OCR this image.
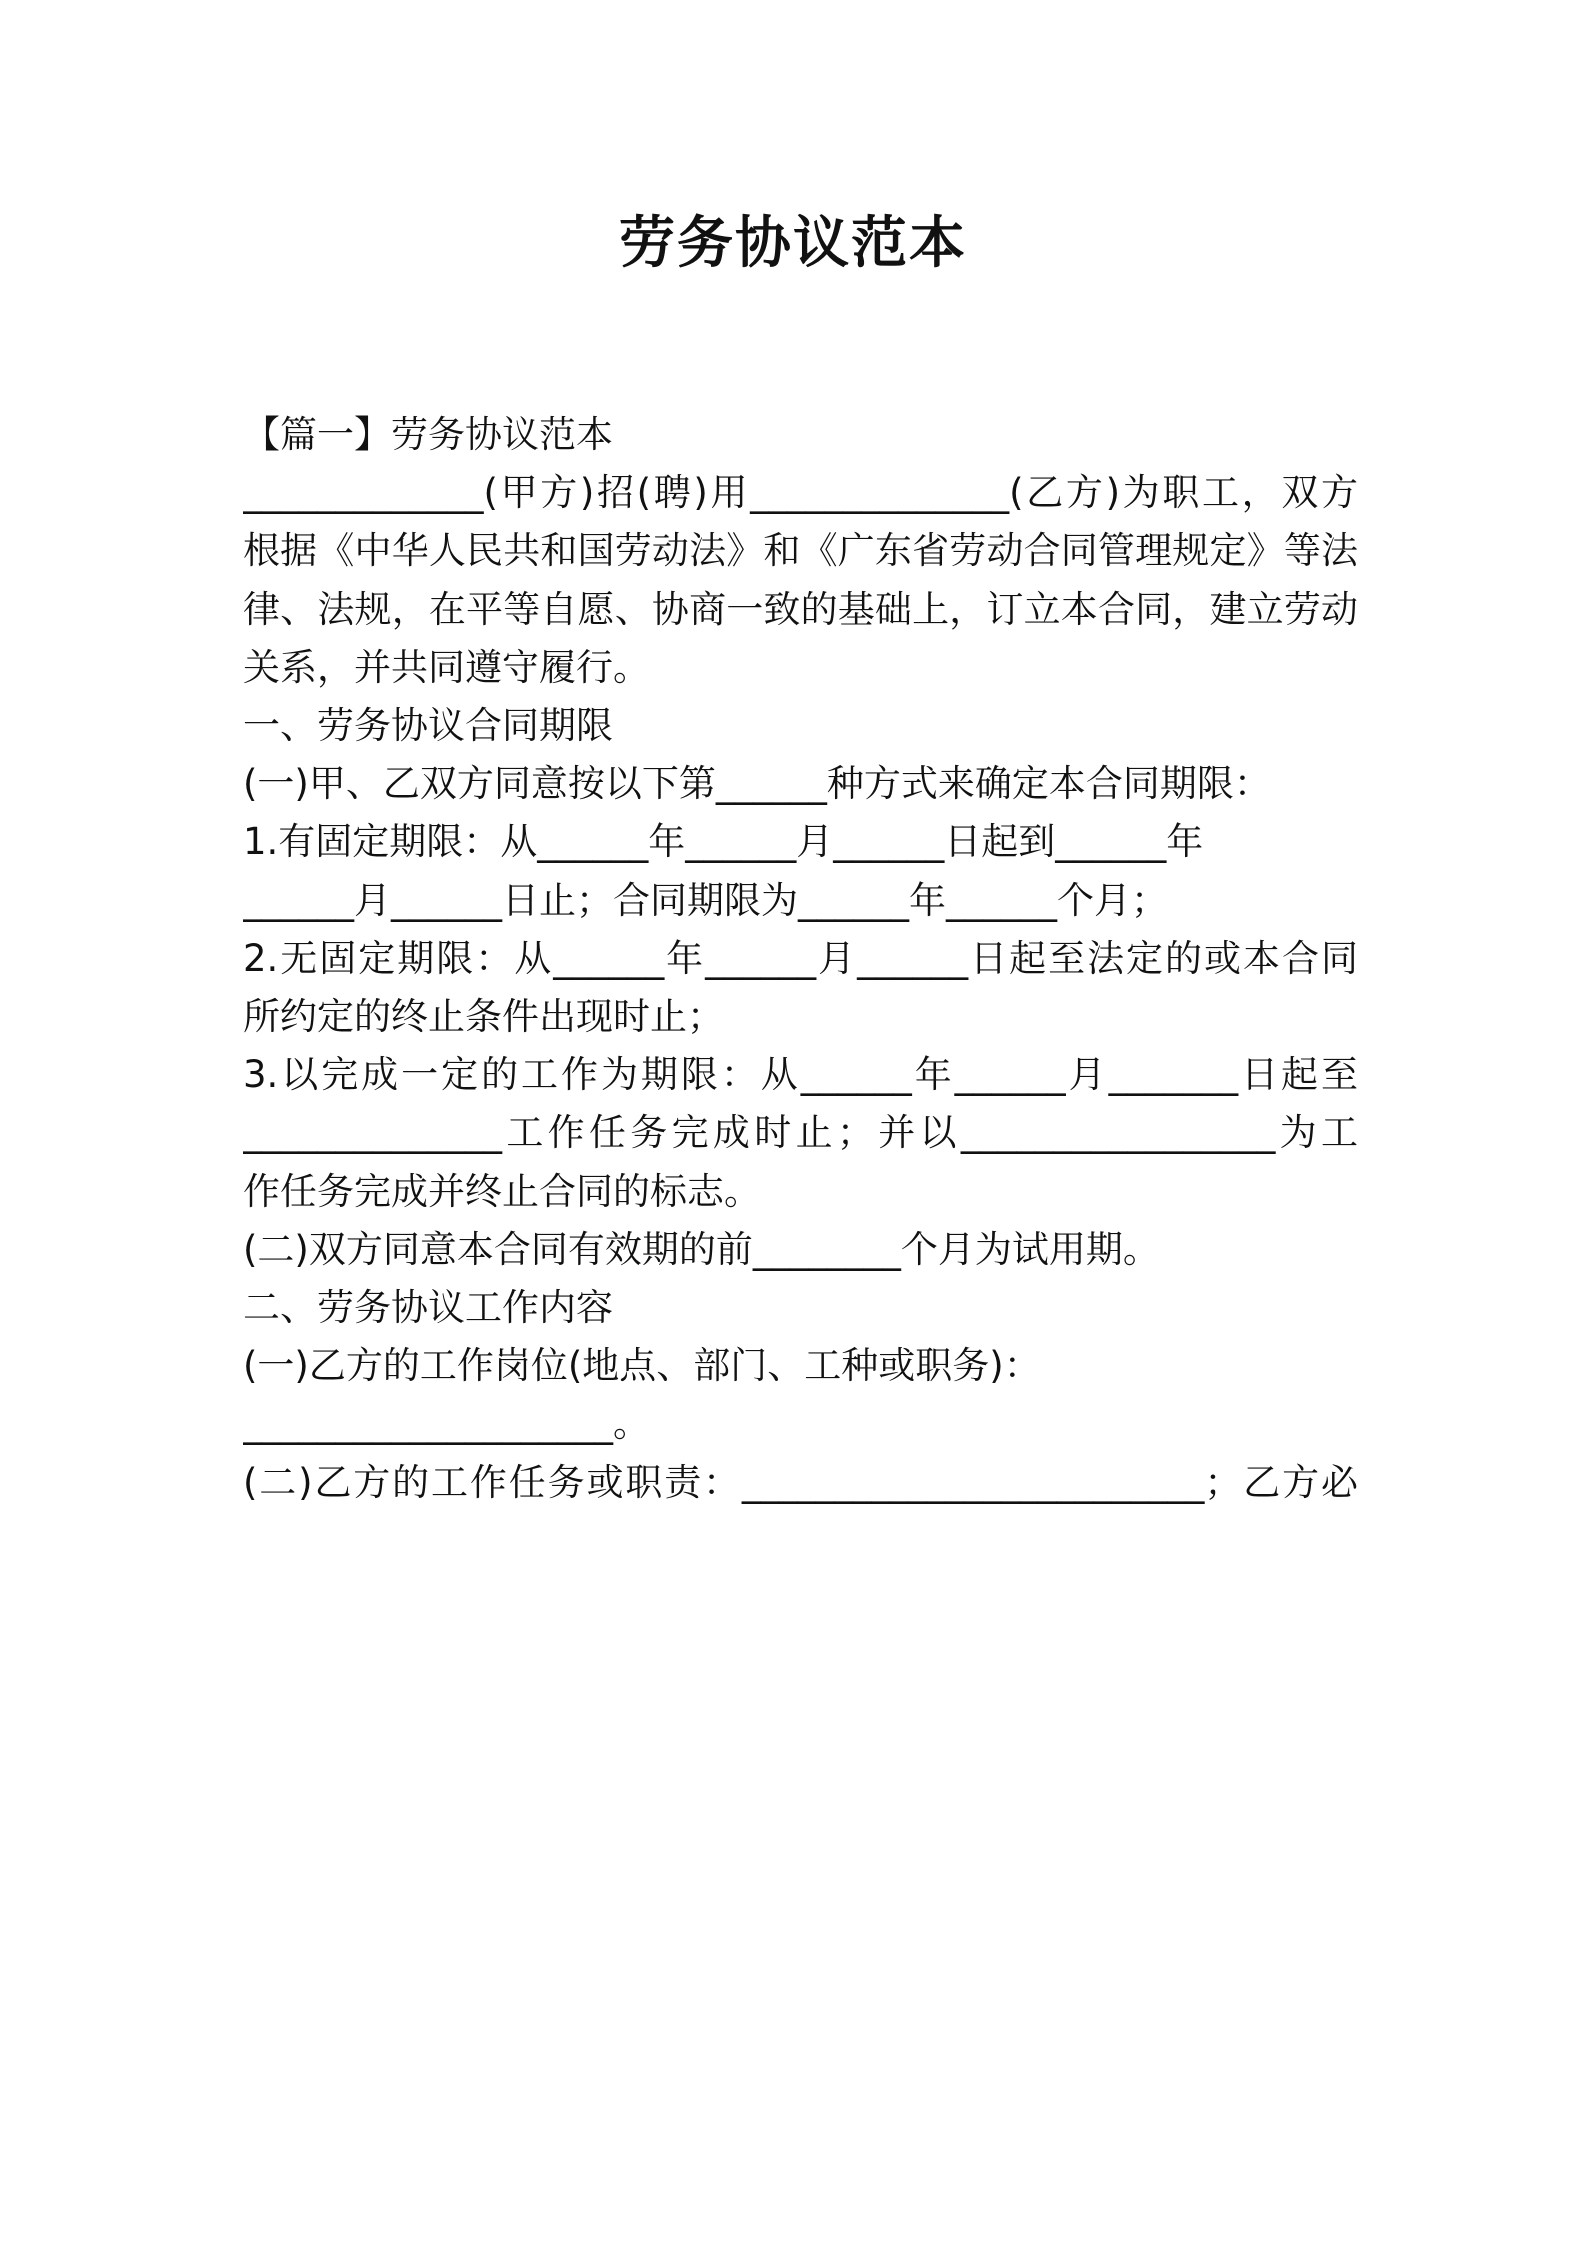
劳务协议范本
【篇一】劳务协议范本
_____________(甲方)招(聘)用______________(乙方)为职工，双方
根据《中华人民共和国劳动法》和《广东省劳动合同管理规定》等法
律、法规，在平等自愿、协商一致的基础上，订立本合同，建立劳动
关系，并共同遵守履行。
一、劳务协议合同期限
(一)甲、乙双方同意按以下第______种方式来确定本合同期限：
1.有固定期限：从______年______月______日起到______年
______月______日止；合同期限为______年______个月；
2.无固定期限：从______年______月______日起至法定的或本合同
所约定的终止条件出现时止；
3.以完成一定的工作为期限：从______年______月_______日起至
______________工作任务完成时止；并以_________________为工
作任务完成并终止合同的标志。
(二)双方同意本合同有效期的前________个月为试用期。
二、劳务协议工作内容
(一)乙方的工作岗位(地点、部门、工种或职务)：
____________________。
(二)乙方的工作任务或职责：_________________________；乙方必
